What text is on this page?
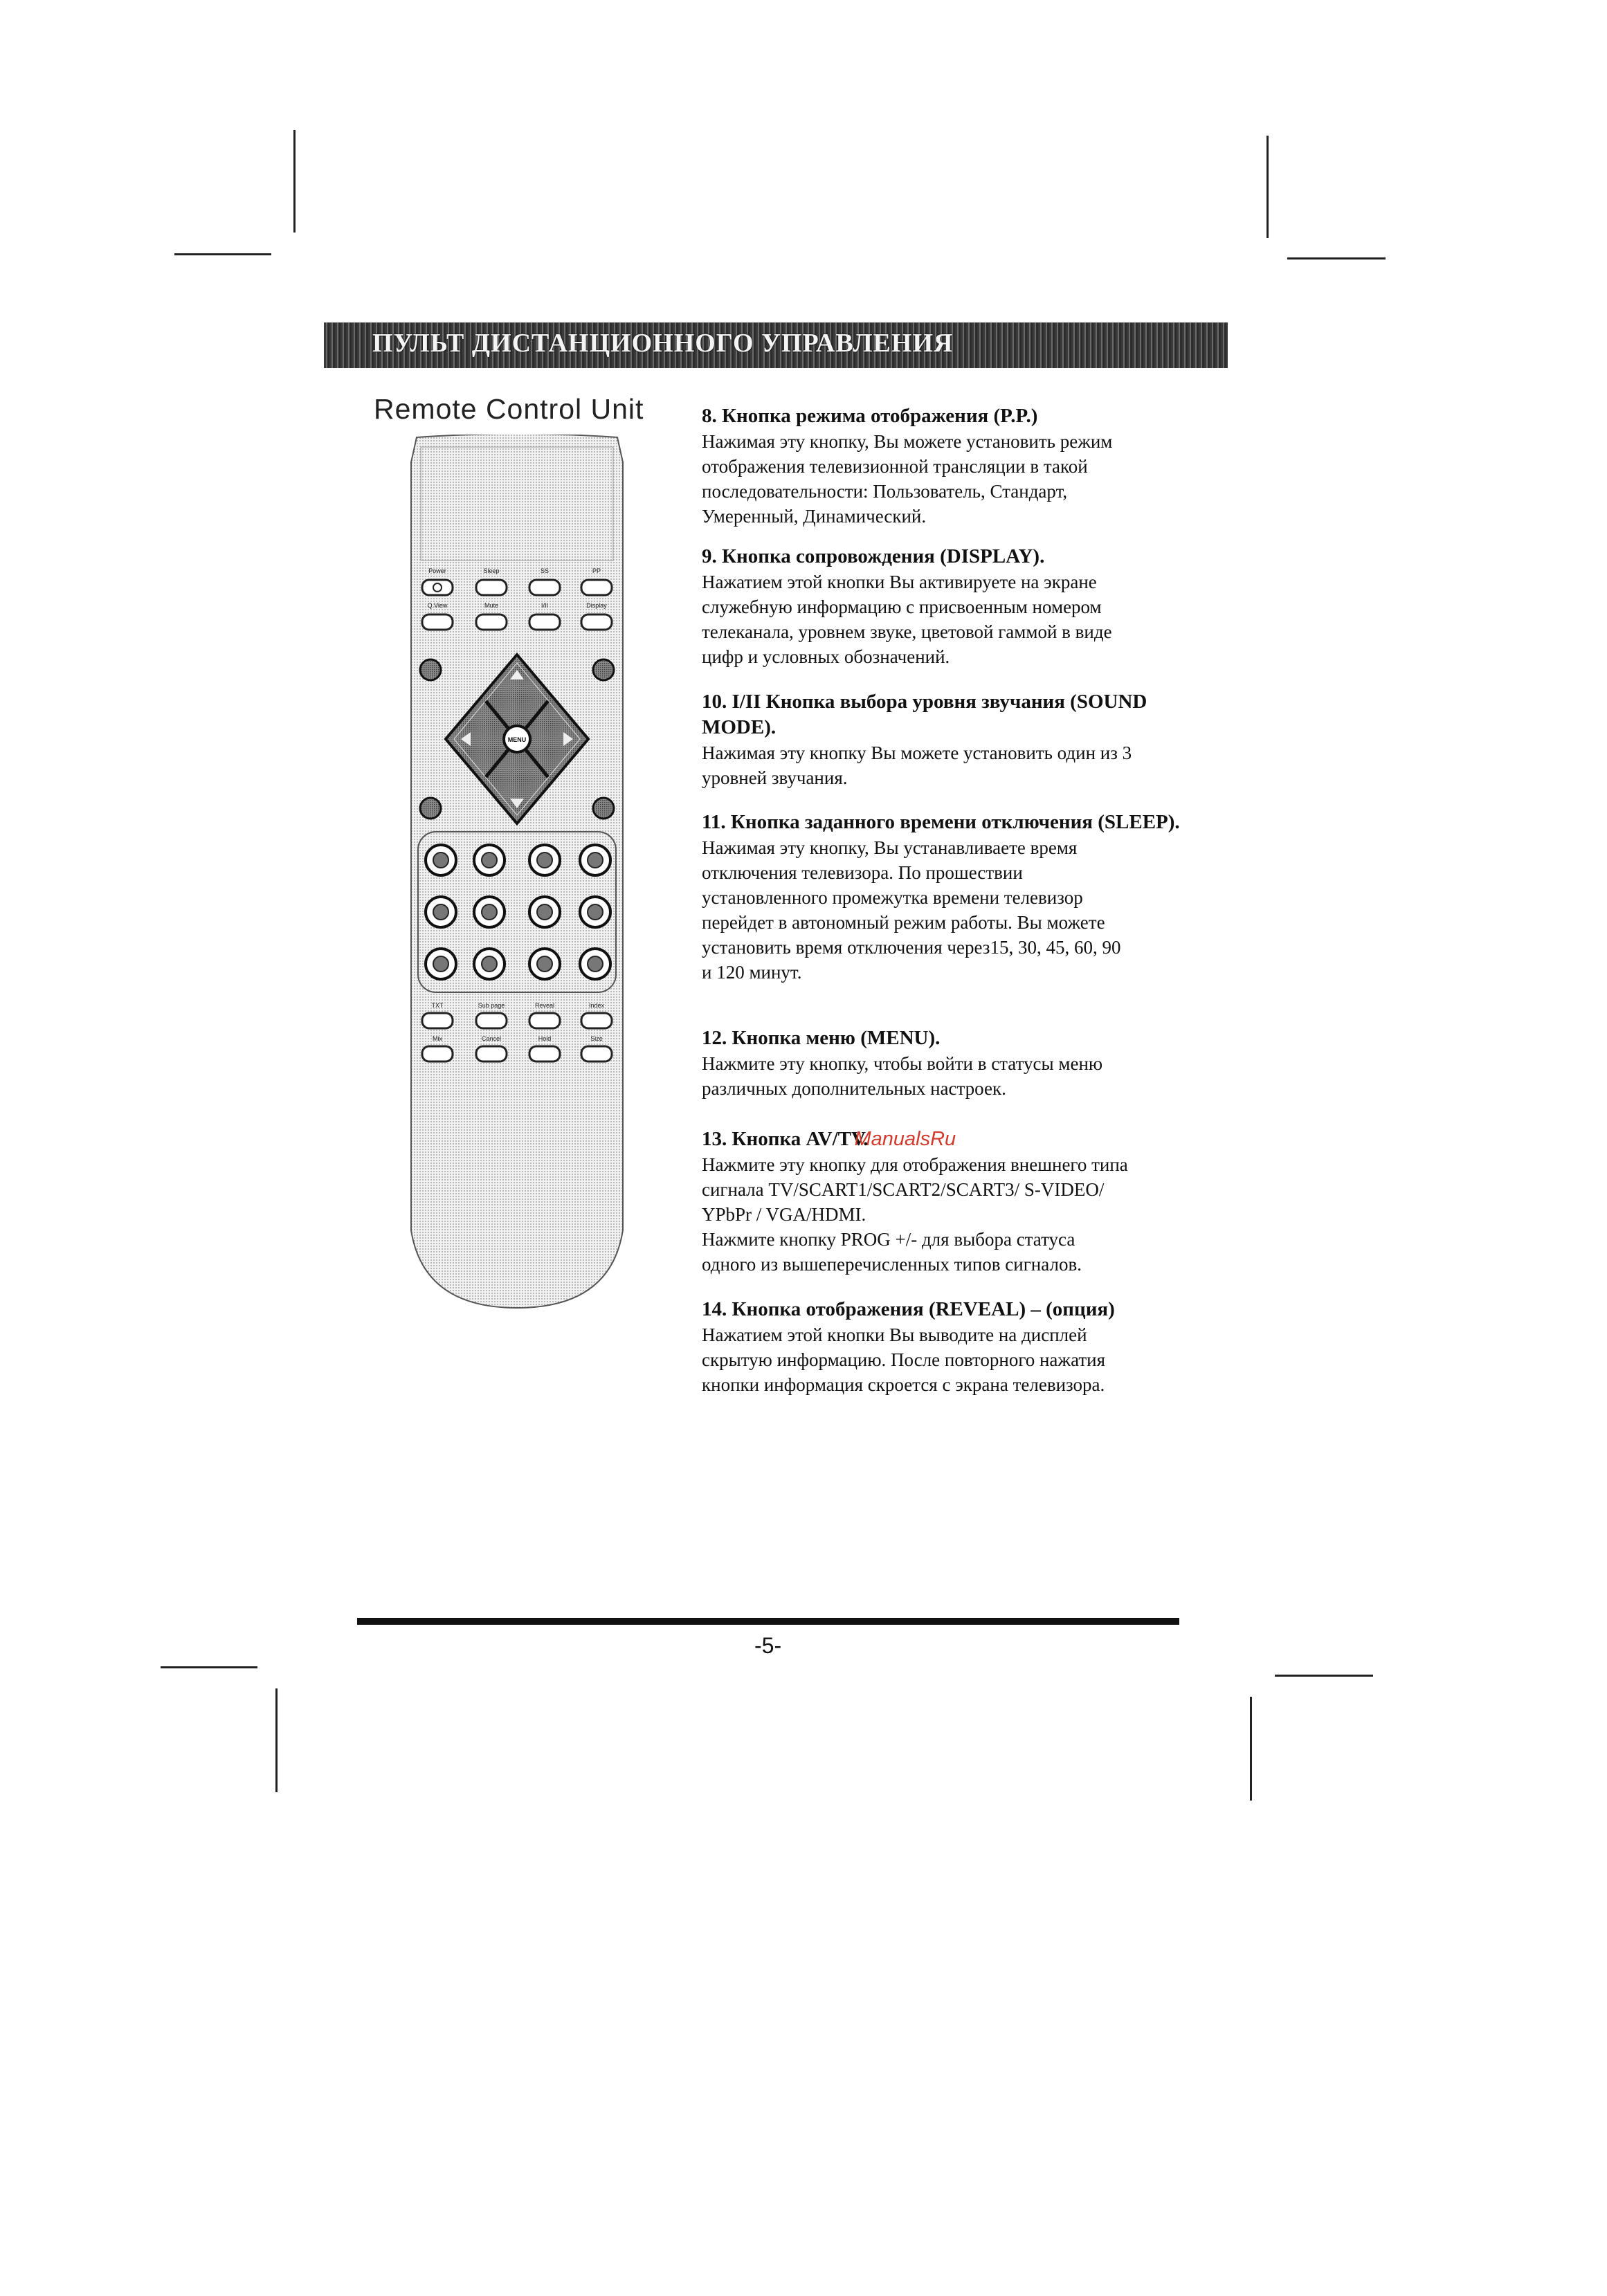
ПУЛЬТ ДИСТАНЦИОННОГО УПРАВЛЕНИЯ
Remote Control Unit
Power	Sleep	SS	PP
Q.View	Mute	I/II	Display
MENU
TXT	Sub page	Reveal	Index
Mix	Cancel	Hold	Size

8. Кнопка режима отображения (P.P.)

Нажимая эту кнопку, Вы можете установить режим

отображения телевизионной трансляции в такой

последовательности: Пользователь, Стандарт,

Умеренный, Динамический.

9. Кнопка сопровождения (DISPLAY).

Нажатием этой кнопки Вы активируете на экране

служебную информацию с присвоенным номером

телеканала, уровнем звуке, цветовой гаммой в виде

цифр и условных обозначений.

10. I/II Кнопка выбора уровня звучания (SOUND MODE).

Нажимая эту кнопку Вы можете установить один из 3

уровней звучания.

11. Кнопка заданного времени отключения (SLEEP).

Нажимая эту кнопку, Вы устанавливаете время

отключения телевизора. По прошествии

установленного промежутка времени телевизор

перейдет в автономный режим работы. Вы можете

установить время отключения через15, 30, 45, 60, 90

и 120 минут.

12. Кнопка меню (MENU).

Нажмите эту кнопку, чтобы войти в статусы меню

различных дополнительных настроек.

13. Кнопка AV/TV.ManualsRu

Нажмите эту кнопку для отображения внешнего типа

сигнала TV/SCART1/SCART2/SCART3/ S-VIDEO/

YPbPr / VGA/HDMI.

Нажмите кнопку PROG +/- для выбора статуса

одного из вышеперечисленных типов сигналов.

14. Кнопка отображения (REVEAL) – (опция)

Нажатием этой кнопки Вы выводите на дисплей

скрытую информацию. После повторного нажатия

кнопки информация скроется с экрана телевизора.

-5-
